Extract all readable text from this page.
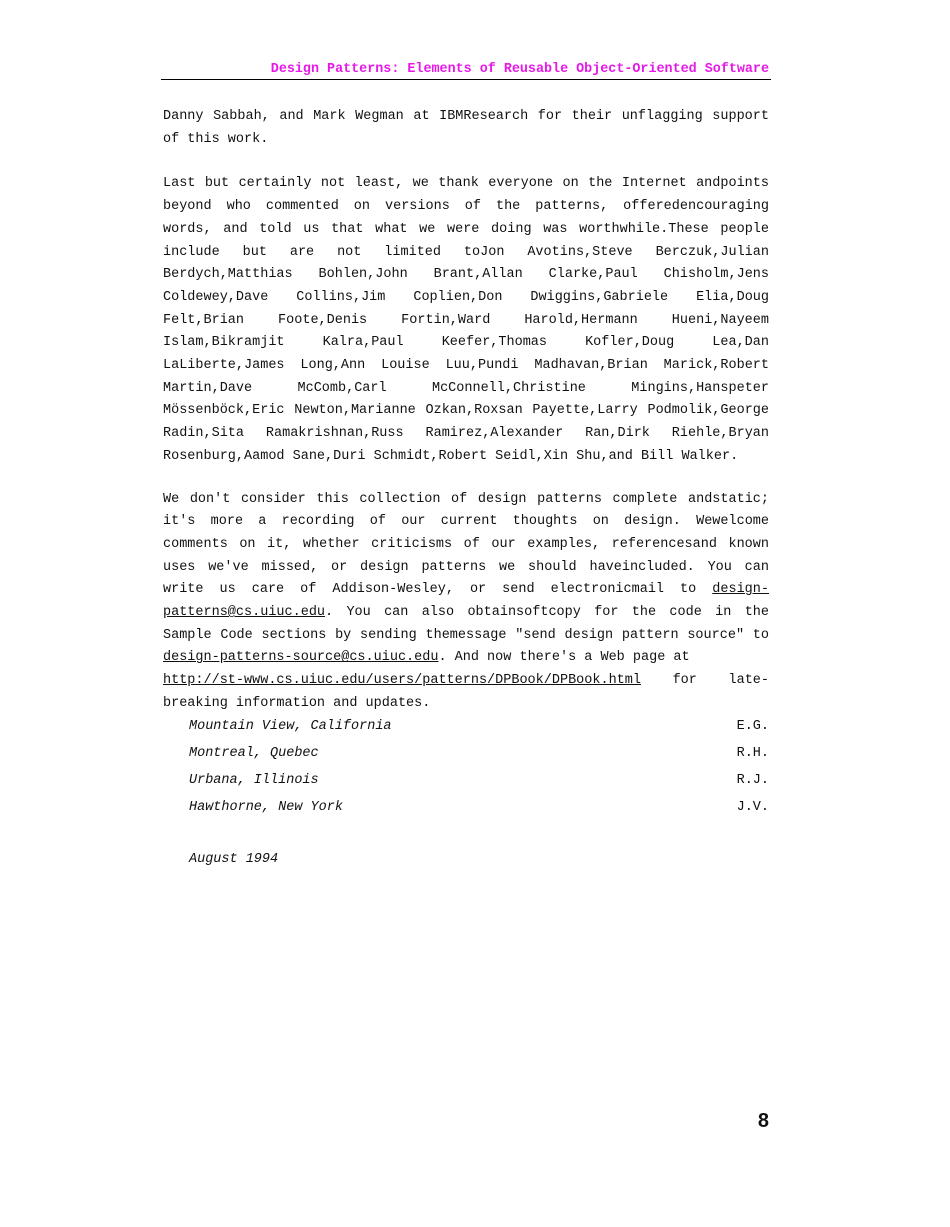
Design Patterns: Elements of Reusable Object-Oriented Software

Danny Sabbah, and Mark Wegman at IBMResearch for their unflagging support of this work.

Last but certainly not least, we thank everyone on the Internet andpoints beyond who commented on versions of the patterns, offeredencouraging words, and told us that what we were doing was worthwhile.These people include but are not limited toJon Avotins,Steve Berczuk,Julian Berdych,Matthias Bohlen,John Brant,Allan Clarke,Paul Chisholm,Jens Coldewey,Dave Collins,Jim Coplien,Don Dwiggins,Gabriele Elia,Doug Felt,Brian Foote,Denis Fortin,Ward Harold,Hermann Hueni,Nayeem Islam,Bikramjit Kalra,Paul Keefer,Thomas Kofler,Doug Lea,Dan LaLiberte,James Long,Ann Louise Luu,Pundi Madhavan,Brian Marick,Robert Martin,Dave McComb,Carl McConnell,Christine Mingins,Hanspeter Mössenböck,Eric Newton,Marianne Ozkan,Roxsan Payette,Larry Podmolik,George Radin,Sita Ramakrishnan,Russ Ramirez,Alexander Ran,Dirk Riehle,Bryan Rosenburg,Aamod Sane,Duri Schmidt,Robert Seidl,Xin Shu,and Bill Walker.

We don't consider this collection of design patterns complete andstatic; it's more a recording of our current thoughts on design. Wewelcome comments on it, whether criticisms of our examples, referencesand known uses we've missed, or design patterns we should haveincluded. You can write us care of Addison-Wesley, or send electronicmail to design-patterns@cs.uiuc.edu. You can also obtainsoftcopy for the code in the Sample Code sections by sending themessage "send design pattern source" to design-patterns-source@cs.uiuc.edu. And now there's a Web page at
http://st-www.cs.uiuc.edu/users/patterns/DPBook/DPBook.html for late-breaking information and updates.

Mountain View, California	E.G.
Montreal, Quebec	R.H.
Urbana, Illinois	R.J.
Hawthorne, New York	J.V.
August 1994
8
